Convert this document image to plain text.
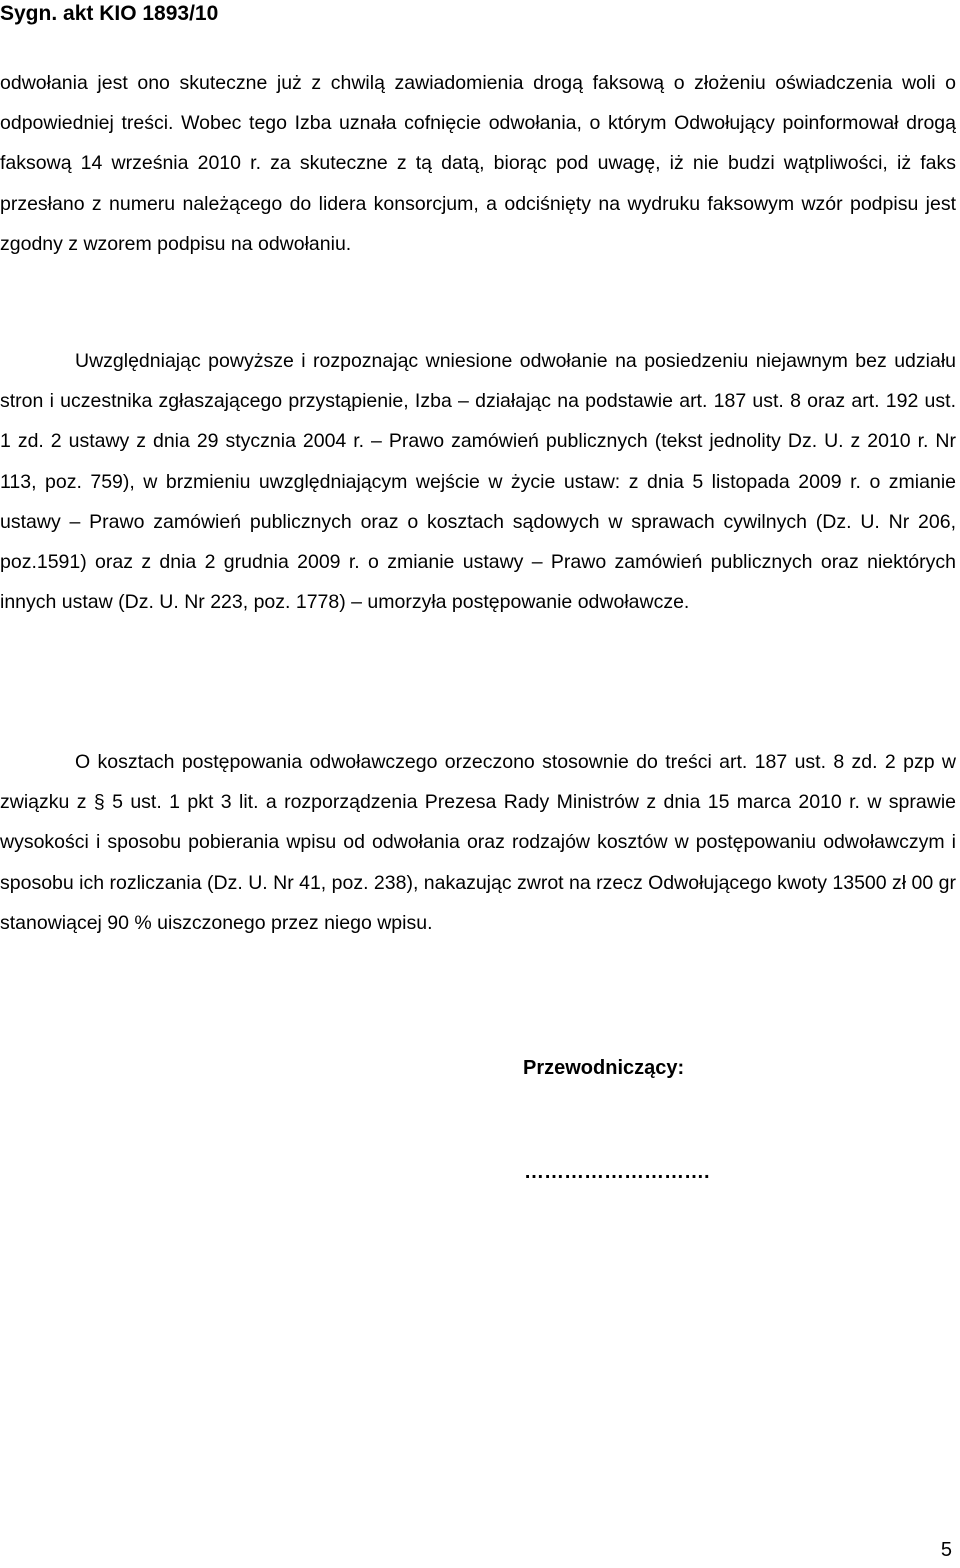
Sygn. akt KIO 1893/10

odwołania jest ono skuteczne już z chwilą zawiadomienia drogą faksową o złożeniu oświadczenia woli o odpowiedniej treści. Wobec tego Izba uznała cofnięcie odwołania, o którym Odwołujący poinformował drogą faksową 14 września 2010 r. za skuteczne z tą datą, biorąc pod uwagę, iż nie budzi wątpliwości, iż faks przesłano z numeru należącego do lidera konsorcjum, a odciśnięty na wydruku faksowym wzór podpisu jest zgodny z wzorem podpisu na odwołaniu.

Uwzględniając powyższe i rozpoznając wniesione odwołanie na posiedzeniu niejawnym bez udziału stron i uczestnika zgłaszającego przystąpienie, Izba – działając na podstawie art. 187 ust. 8 oraz art. 192 ust. 1 zd. 2 ustawy z dnia 29 stycznia 2004 r. – Prawo zamówień publicznych (tekst jednolity Dz. U. z 2010 r. Nr 113, poz. 759), w brzmieniu uwzględniającym wejście w życie ustaw: z dnia 5 listopada 2009 r. o zmianie ustawy – Prawo zamówień publicznych oraz o kosztach sądowych w sprawach cywilnych (Dz. U. Nr 206, poz.1591) oraz z dnia 2 grudnia 2009 r. o zmianie ustawy – Prawo zamówień publicznych oraz niektórych innych ustaw (Dz. U. Nr 223, poz. 1778) – umorzyła postępowanie odwoławcze.

O kosztach postępowania odwoławczego orzeczono stosownie do treści art. 187 ust. 8 zd. 2 pzp w związku z § 5 ust. 1 pkt 3 lit. a rozporządzenia Prezesa Rady Ministrów z dnia 15 marca 2010 r. w sprawie wysokości i sposobu pobierania wpisu od odwołania oraz rodzajów kosztów w postępowaniu odwoławczym i sposobu ich rozliczania (Dz. U. Nr 41, poz. 238), nakazując zwrot na rzecz Odwołującego kwoty 13500 zł 00 gr stanowiącej 90 % uiszczonego przez niego wpisu.

Przewodniczący:
……………………….
5
